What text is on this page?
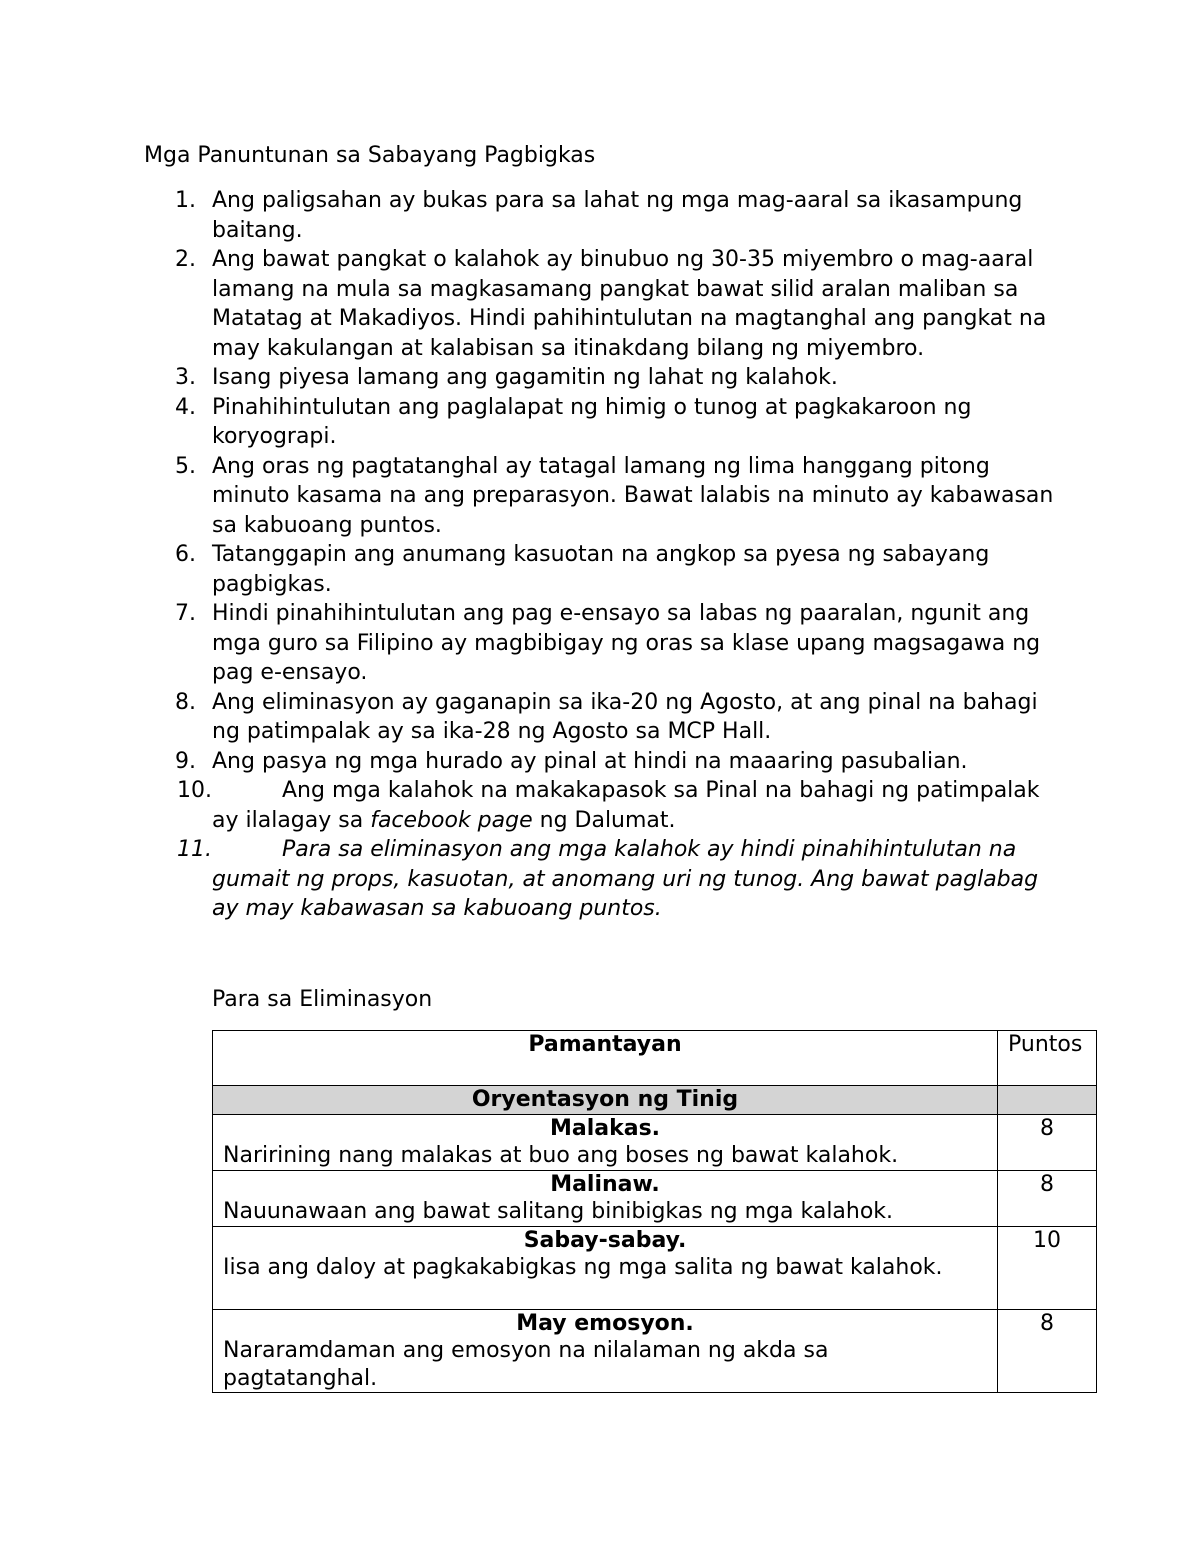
Mga Panuntunan sa Sabayang Pagbigkas

1. Ang paligsahan ay bukas para sa lahat ng mga mag-aaral sa ikasampung baitang.
2. Ang bawat pangkat o kalahok ay binubuo ng 30-35 miyembro o mag-aaral lamang na mula sa magkasamang pangkat bawat silid aralan maliban sa Matatag at Makadiyos. Hindi pahihintulutan na magtanghal ang pangkat na may kakulangan at kalabisan sa itinakdang bilang ng miyembro.
3. Isang piyesa lamang ang gagamitin ng lahat ng kalahok.
4. Pinahihintulutan ang paglalapat ng himig o tunog at pagkakaroon ng koryograpi.
5. Ang oras ng pagtatanghal ay tatagal lamang ng lima hanggang pitong minuto kasama na ang preparasyon. Bawat lalabis na minuto ay kabawasan sa kabuoang puntos.
6. Tatanggapin ang anumang kasuotan na angkop sa pyesa ng sabayang pagbigkas.
7. Hindi pinahihintulutan ang pag e-ensayo sa labas ng paaralan, ngunit ang mga guro sa Filipino ay magbibigay ng oras sa klase upang magsagawa ng pag e-ensayo.
8. Ang eliminasyon ay gaganapin sa ika-20 ng Agosto, at ang pinal na bahagi ng patimpalak ay sa ika-28 ng Agosto sa MCP Hall.
9. Ang pasya ng mga hurado ay pinal at hindi na maaaring pasubalian.
10.	Ang mga kalahok na makakapasok sa Pinal na bahagi ng patimpalak ay ilalagay sa facebook page ng Dalumat.
11.	Para sa eliminasyon ang mga kalahok ay hindi pinahihintulutan na gumait ng props, kasuotan, at anomang uri ng tunog. Ang bawat paglabag ay may kabawasan sa kabuoang puntos.

Para sa Eliminasyon

Pamantayan	Puntos
Oryentasyon ng Tinig	

Malakas.
Naririning nang malakas at buo ang boses ng bawat kalahok.	8

Malinaw.
Nauunawaan ang bawat salitang binibigkas ng mga kalahok.	8

Sabay-sabay.
Iisa ang daloy at pagkakabigkas ng mga salita ng bawat kalahok.	10

May emosyon.
Nararamdaman ang emosyon na nilalaman ng akda sa pagtatanghal.	8
